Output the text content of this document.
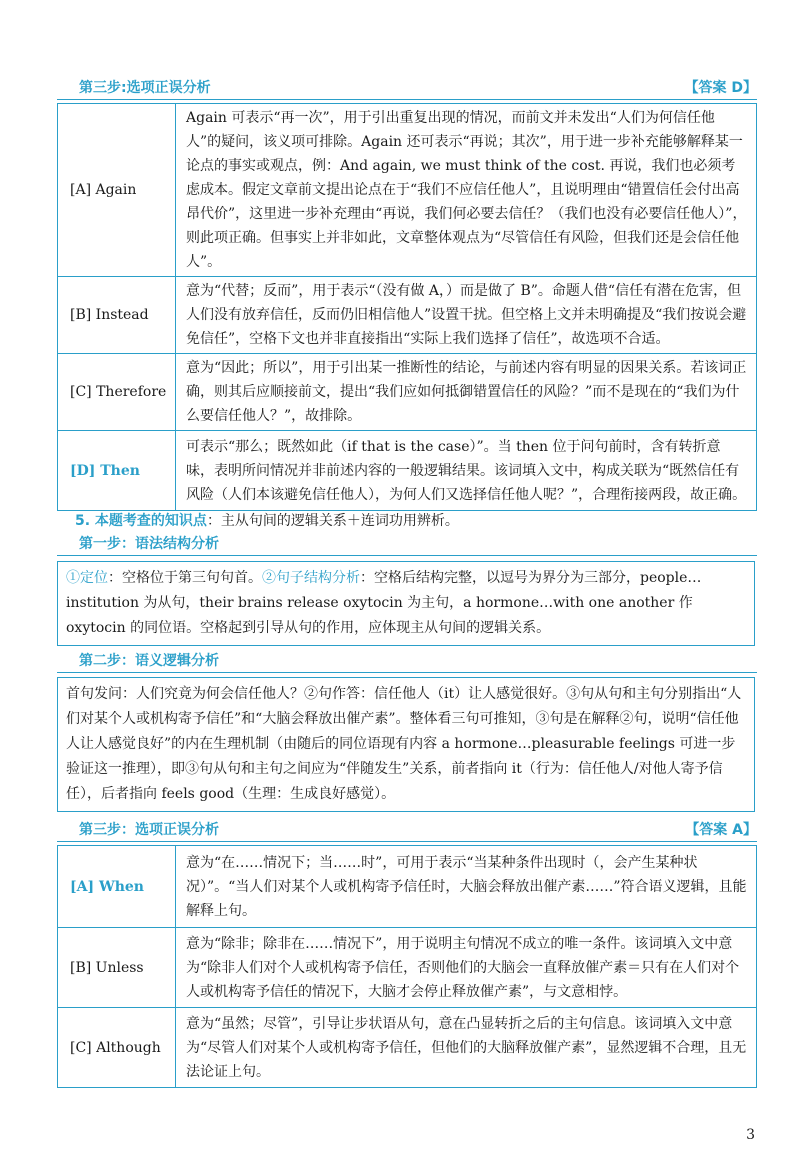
第三步:选项正误分析	【答案 D】
[A] Again	Again 可表示“再一次”，用于引出重复出现的情况，而前文并未发出“人们为何信任他人”的疑问，该义项可排除。Again 还可表示“再说；其次”，用于进一步补充能够解释某一论点的事实或观点，例：And again, we must think of the cost. 再说，我们也必须考虑成本。假定文章前文提出论点在于“我们不应信任他人”，且说明理由“错置信任会付出高昂代价”，这里进一步补充理由“再说，我们何必要去信任？（我们也没有必要信任他人）”，则此项正确。但事实上并非如此，文章整体观点为“尽管信任有风险，但我们还是会信任他人”。
[B] Instead	意为“代替；反而”，用于表示“（没有做 A，）而是做了 B”。命题人借“信任有潜在危害，但人们没有放弃信任，反而仍旧相信他人”设置干扰。但空格上文并未明确提及“我们按说会避免信任”，空格下文也并非直接指出“实际上我们选择了信任”，故选项不合适。
[C] Therefore	意为“因此；所以”，用于引出某一推断性的结论，与前述内容有明显的因果关系。若该词正确，则其后应顺接前文，提出“我们应如何抵御错置信任的风险？”而不是现在的“我们为什么要信任他人？”，故排除。
[D] Then	可表示“那么；既然如此（if that is the case）”。当 then 位于问句前时，含有转折意味，表明所问情况并非前述内容的一般逻辑结果。该词填入文中，构成关联为“既然信任有风险（人们本该避免信任他人），为何人们又选择信任他人呢？”，合理衔接两段，故正确。
5. 本题考查的知识点：主从句间的逻辑关系＋连词功用辨析。
第一步：语法结构分析
①定位：空格位于第三句句首。②句子结构分析：空格后结构完整，以逗号为界分为三部分，people…institution 为从句，their brains release oxytocin 为主句，a hormone…with one another 作 oxytocin 的同位语。空格起到引导从句的作用，应体现主从句间的逻辑关系。
第二步：语义逻辑分析
首句发问：人们究竟为何会信任他人？②句作答：信任他人（it）让人感觉很好。③句从句和主句分别指出“人们对某个人或机构寄予信任”和“大脑会释放出催产素”。整体看三句可推知，③句是在解释②句，说明“信任他人让人感觉良好”的内在生理机制（由随后的同位语现有内容 a hormone…pleasurable feelings 可进一步验证这一推理），即③句从句和主句之间应为“伴随发生”关系，前者指向 it（行为：信任他人/对他人寄予信任），后者指向 feels good（生理：生成良好感觉）。
第三步：选项正误分析	【答案 A】
[A] When	意为“在……情况下；当……时”，可用于表示“当某种条件出现时（，会产生某种状况）”。“当人们对某个人或机构寄予信任时，大脑会释放出催产素……”符合语义逻辑，且能解释上句。
[B] Unless	意为“除非；除非在……情况下”，用于说明主句情况不成立的唯一条件。该词填入文中意为“除非人们对个人或机构寄予信任，否则他们的大脑会一直释放催产素＝只有在人们对个人或机构寄予信任的情况下，大脑才会停止释放催产素”，与文意相悖。
[C] Although	意为“虽然；尽管”，引导让步状语从句，意在凸显转折之后的主句信息。该词填入文中意为“尽管人们对某个人或机构寄予信任，但他们的大脑释放催产素”，显然逻辑不合理，且无法论证上句。
3
